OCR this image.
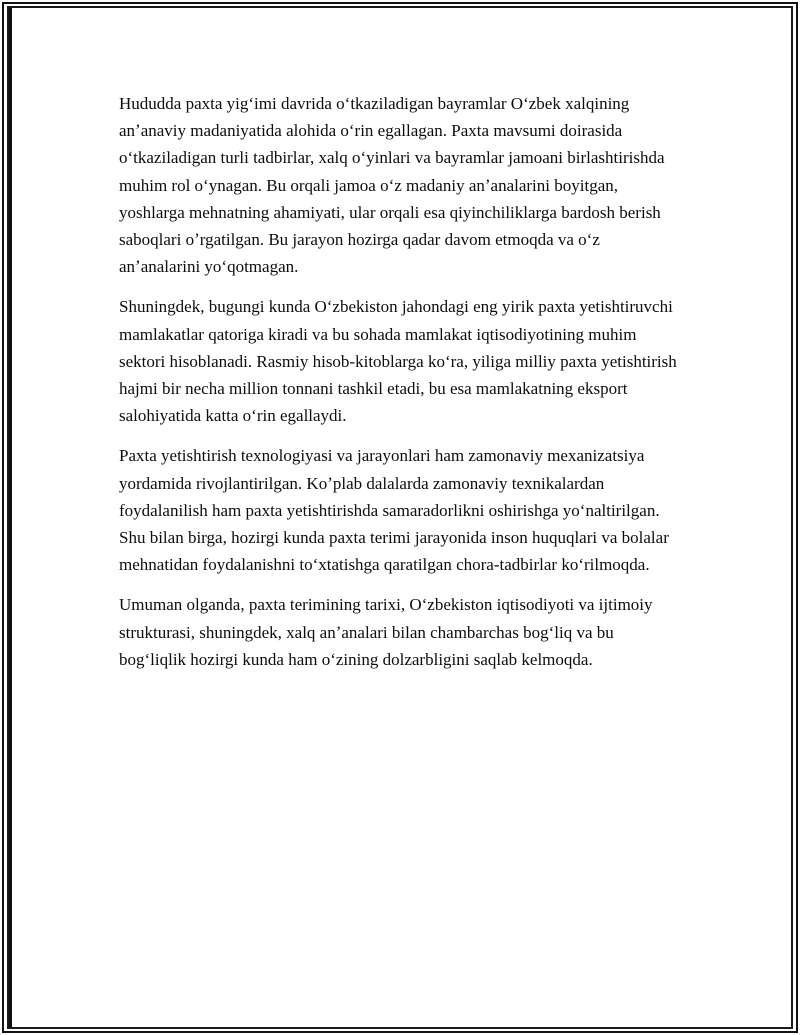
Hududda paxta yigʻimi davrida oʻtkaziladigan bayramlar Oʻzbek xalqining anʼanaviy madaniyatida alohida oʻrin egallagan. Paxta mavsumi doirasida oʻtkaziladigan turli tadbirlar, xalq oʻyinlari va bayramlar jamoani birlashtirishda muhim rol oʻynagan. Bu orqali jamoa oʻz madaniy anʼanalarini boyitgan, yoshlarga mehnatning ahamiyati, ular orqali esa qiyinchiliklarga bardosh berish saboqlari oʼrgatilgan. Bu jarayon hozirga qadar davom etmoqda va oʻz anʼanalarini yoʻqotmagan.

Shuningdek, bugungi kunda Oʻzbekiston jahondagi eng yirik paxta yetishtiruvchi mamlakatlar qatoriga kiradi va bu sohada mamlakat iqtisodiyotining muhim sektori hisoblanadi. Rasmiy hisob-kitoblarga koʻra, yiliga milliy paxta yetishtirish hajmi bir necha million tonnani tashkil etadi, bu esa mamlakatning eksport salohiyatida katta oʻrin egallaydi.

Paxta yetishtirish texnologiyasi va jarayonlari ham zamonaviy mexanizatsiya yordamida rivojlantirilgan. Koʼplab dalalarda zamonaviy texnikalardan foydalanilish ham paxta yetishtirishda samaradorlikni oshirishga yoʻnaltirilgan. Shu bilan birga, hozirgi kunda paxta terimi jarayonida inson huquqlari va bolalar mehnatidan foydalanishni toʻxtatishga qaratilgan chora-tadbirlar koʻrilmoqda.

Umuman olganda, paxta terimining tarixi, Oʻzbekiston iqtisodiyoti va ijtimoiy strukturasi, shuningdek, xalq anʼanalari bilan chambarchas bogʻliq va bu bogʻliqlik hozirgi kunda ham oʻzining dolzarbligini saqlab kelmoqda.
